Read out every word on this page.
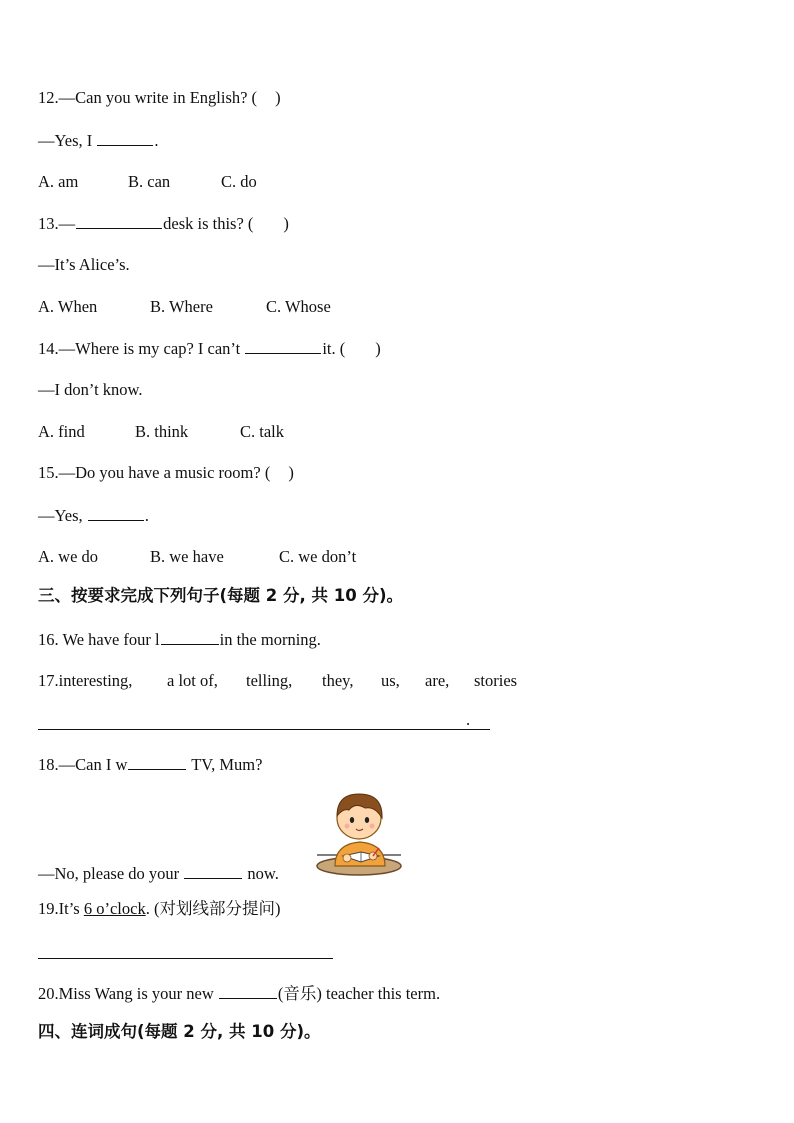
12.—Can you write in English? ( )
—Yes, I	.
A. am	B. can	C. do
13.—	desk is this? ( )
—It’s Alice’s.
A. When	B. Where	C. Whose
14.—Where is my cap? I can’t	it. ( )
—I don’t know.
A. find	B. think	C. talk
15.—Do you have a music room? ( )
—Yes,	.
A. we do	B. we have	C. we don’t
三、按要求完成下列句子(每题 2 分, 共 10 分)。
16. We have four l	in the morning.
17.interesting, a lot of, telling, they, us, are, stories
.
18.—Can I w	TV, Mum?
—No, please do your	now.
19.It’s 6 o’clock. (对划线部分提问)
20.Miss Wang is your new	(音乐) teacher this term.
四、连词成句(每题 2 分, 共 10 分)。
